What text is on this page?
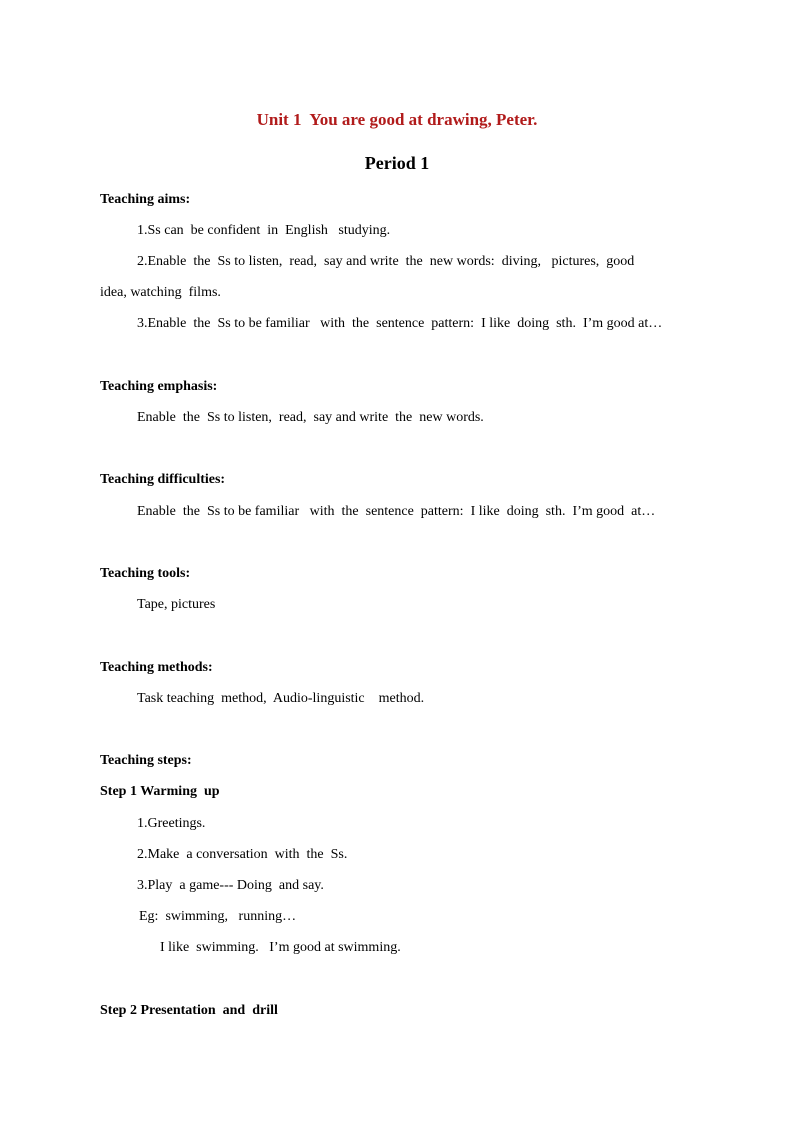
Unit 1  You are good at drawing, Peter.
Period 1
Teaching aims:
1.Ss can  be confident  in  English   studying.
2.Enable  the  Ss to listen,  read,  say and write  the  new words:  diving,   pictures,  good
idea, watching  films.
3.Enable  the  Ss to be familiar   with  the  sentence  pattern:  I like  doing  sth.  I’m good at…
Teaching emphasis:
Enable  the  Ss to listen,  read,  say and write  the  new words.
Teaching difficulties:
Enable  the  Ss to be familiar   with  the  sentence  pattern:  I like  doing  sth.  I’m good  at…
Teaching tools:
Tape, pictures
Teaching methods:
Task teaching  method,  Audio-linguistic    method.
Teaching steps:
Step 1 Warming  up
1.Greetings.
2.Make  a conversation  with  the  Ss.
3.Play  a game--- Doing  and say.
Eg:  swimming,   running…
I like  swimming.   I’m good at swimming.
Step 2 Presentation  and  drill
